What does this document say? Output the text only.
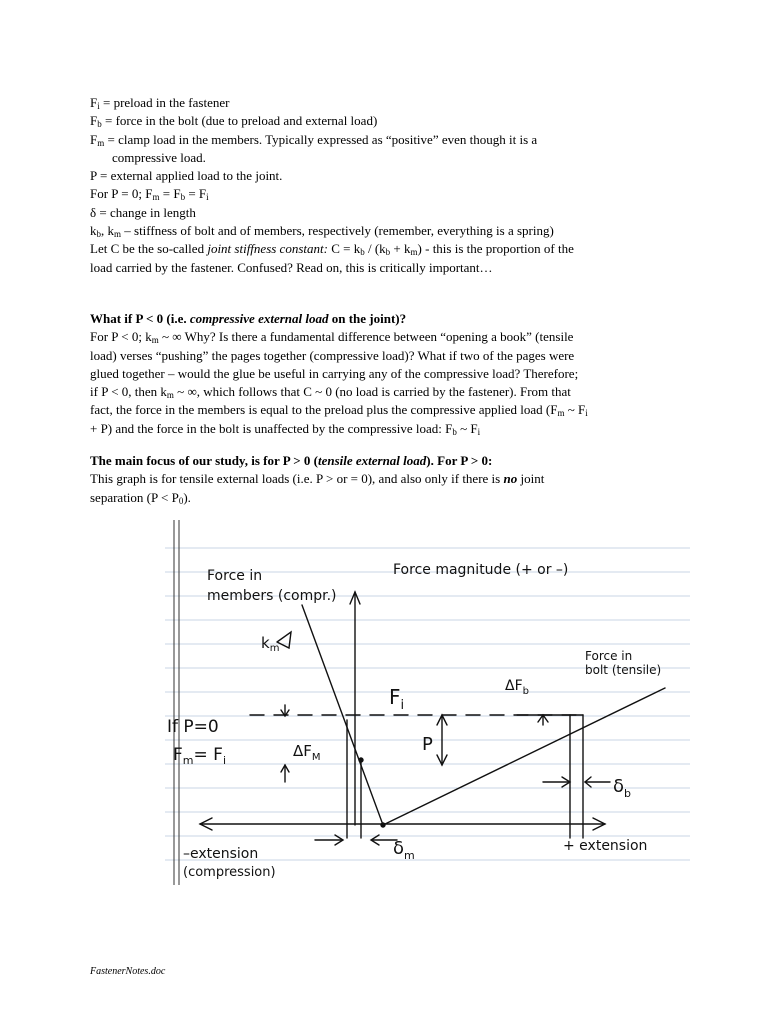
$F_i$ = preload in the fastener

$F_b$ = force in the bolt (due to preload and external load)

$F_m$ = clamp load in the members. Typically expressed as “positive” even though it is a

compressive load.

P = external applied load to the joint.

For P = 0; $F_m = F_b = F_i$

δ = change in length

$k_b$, $k_m$ – stiffness of bolt and of members, respectively (remember, everything is a spring)

Let C be the so-called joint stiffness constant: $C = k_b / (k_b + k_m)$ - this is the proportion of the

load carried by the fastener. Confused? Read on, this is critically important…

What if P < 0 (i.e. compressive external load on the joint)?

For P < 0; $k_m$ ~ ∞ Why? Is there a fundamental difference between “opening a book” (tensile

load) verses “pushing” the pages together (compressive load)? What if two of the pages were

glued together – would the glue be useful in carrying any of the compressive load? Therefore;

if P < 0, then $k_m$ ~ ∞, which follows that C ~ 0 (no load is carried by the fastener). From that

fact, the force in the members is equal to the preload plus the compressive applied load ($F_m$ ~ $F_i$

+ P) and the force in the bolt is unaffected by the compressive load: $F_b$ ~ $F_i$

The main focus of our study, is for P > 0 (tensile external load). For P > 0:

This graph is for tensile external loads (i.e. P > or = 0), and also only if there is no joint

separation $(P < P_0)$.

Force magnitude (+ or –)
Force in
members (compr.)
$k_m$
Force in
bolt (tensile)
$\Delta F_b$
$F_i$
If P=0
$F_m= F_i$
$\Delta F_M$
P
$\delta_b$
$\delta_m$
–extension
(compression)
+ extension
FastenerNotes.doc
